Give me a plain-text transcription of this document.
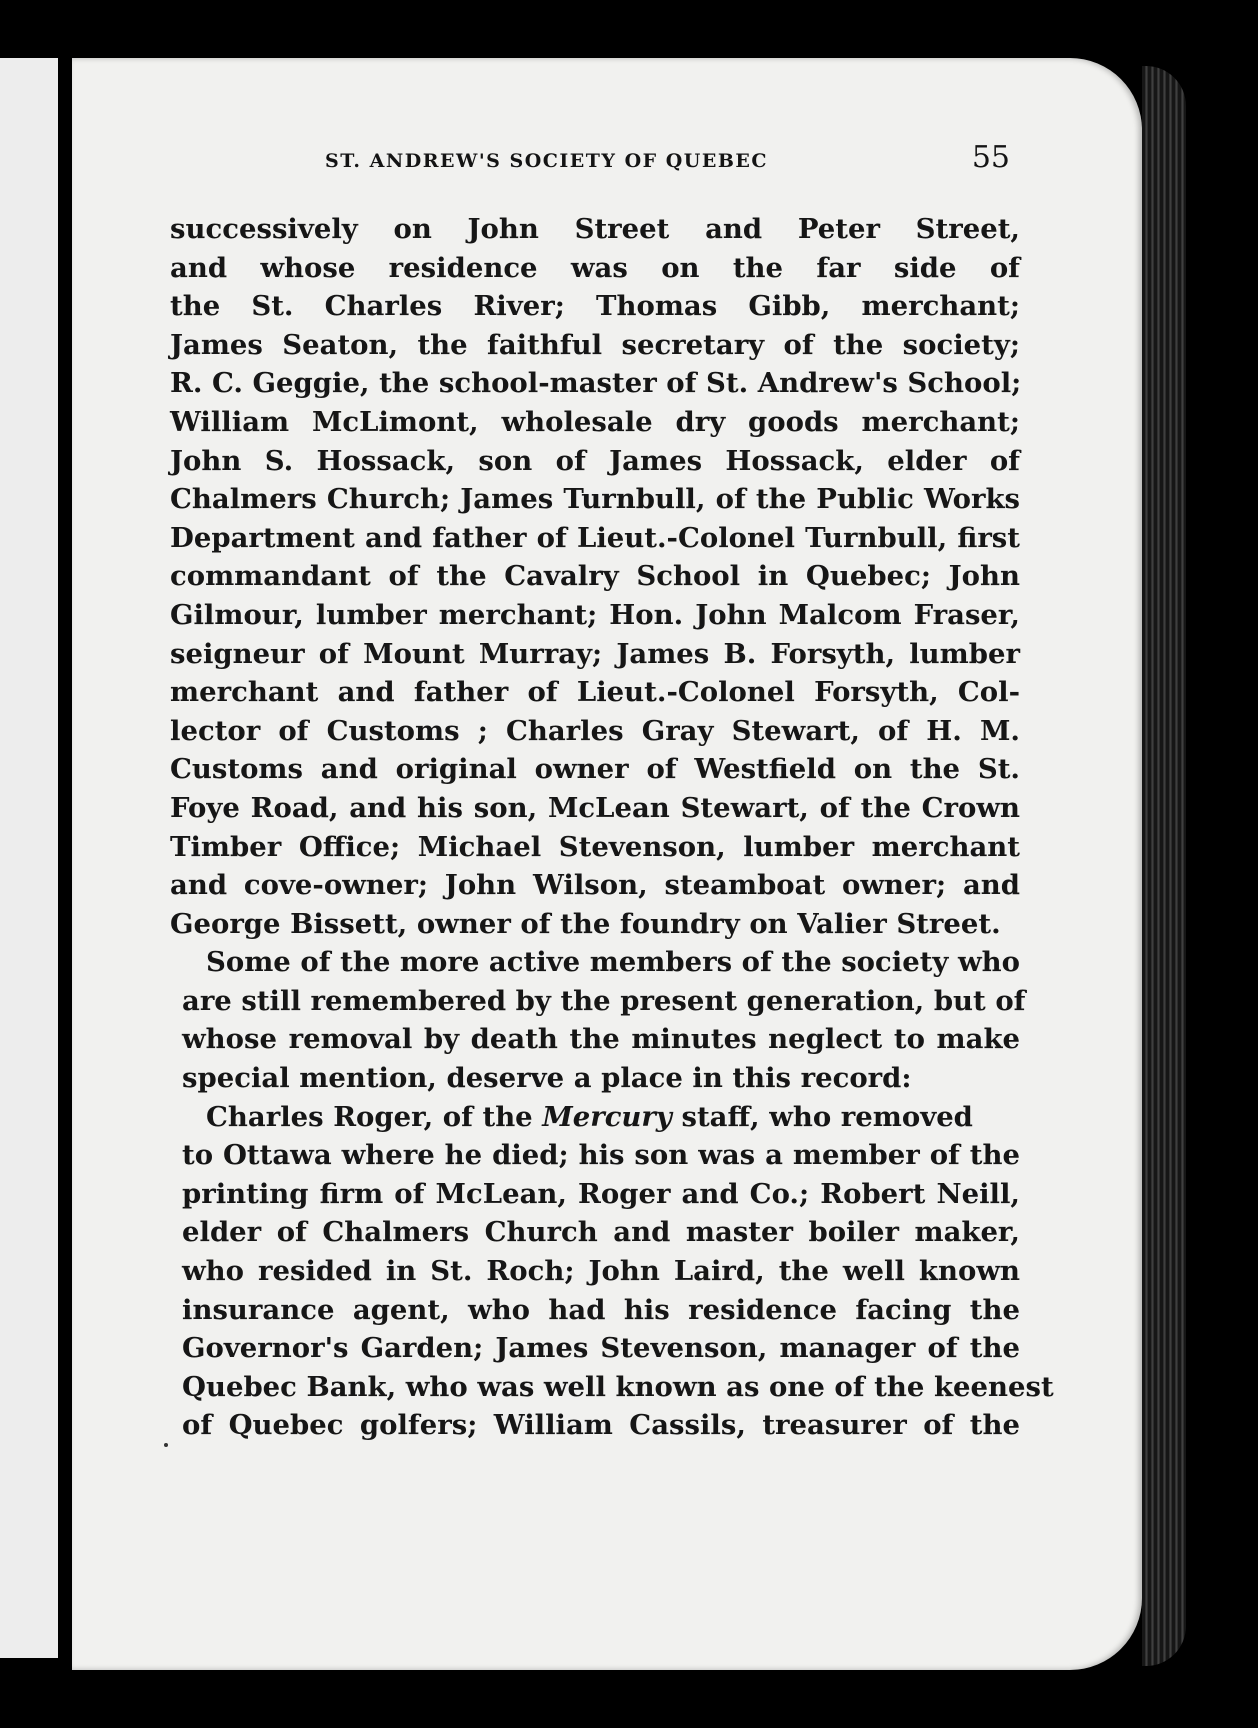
ST. ANDREW'S SOCIETY OF QUEBEC	55
successively on John Street and Peter Street,
and whose residence was on the far side of
the St. Charles River; Thomas Gibb, merchant;
James Seaton, the faithful secretary of the society;
R. C. Geggie, the school-master of St. Andrew's School;
William McLimont, wholesale dry goods merchant;
John S. Hossack, son of James Hossack, elder of
Chalmers Church; James Turnbull, of the Public Works
Department and father of Lieut.-Colonel Turnbull, first
commandant of the Cavalry School in Quebec; John
Gilmour, lumber merchant; Hon. John Malcom Fraser,
seigneur of Mount Murray; James B. Forsyth, lumber
merchant and father of Lieut.-Colonel Forsyth, Col-
lector of Customs ; Charles Gray Stewart, of H. M.
Customs and original owner of Westfield on the St.
Foye Road, and his son, McLean Stewart, of the Crown
Timber Office; Michael Stevenson, lumber merchant
and cove-owner; John Wilson, steamboat owner; and
George Bissett, owner of the foundry on Valier Street.
Some of the more active members of the society who
are still remembered by the present generation, but of
whose removal by death the minutes neglect to make
special mention, deserve a place in this record:
Charles Roger, of the Mercury staff, who removed
to Ottawa where he died; his son was a member of the
printing firm of McLean, Roger and Co.; Robert Neill,
elder of Chalmers Church and master boiler maker,
who resided in St. Roch; John Laird, the well known
insurance agent, who had his residence facing the
Governor's Garden; James Stevenson, manager of the
Quebec Bank, who was well known as one of the keenest
of Quebec golfers; William Cassils, treasurer of the
